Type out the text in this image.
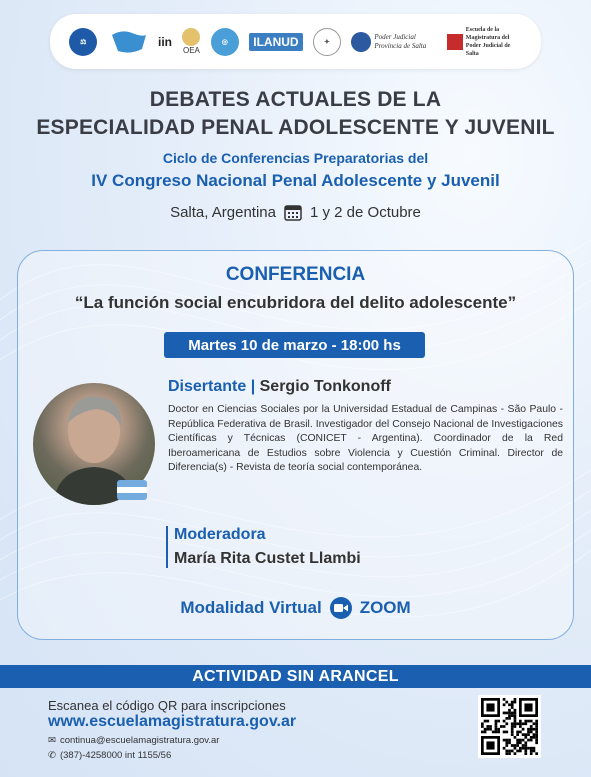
⚖	iin
OEA
◎	ILANUD	✦
Poder Judicial Provincia de Salta
Escuela de la Magistratura del Poder Judicial de Salta
DEBATES ACTUALES DE LA
ESPECIALIDAD PENAL ADOLESCENTE Y JUVENIL
Ciclo de Conferencias Preparatorias del
IV Congreso Nacional Penal Adolescente y Juvenil
Salta, Argentina 1 y 2 de Octubre
CONFERENCIA
“La función social encubridora del delito adolescente”
Martes 10 de marzo - 18:00 hs
Disertante | Sergio Tonkonoff
Doctor en Ciencias Sociales por la Universidad Estadual de Campinas - São Paulo - República Federativa de Brasil. Investigador del Consejo Nacional de Investigaciones Científicas y Técnicas (CONICET - Argentina). Coordinador de la Red Iberoamericana de Estudios sobre Violencia y Cuestión Criminal. Director de Diferencia(s) - Revista de teoría social contemporánea.
Moderadora
María Rita Custet Llambi
Modalidad Virtual ZOOM
ACTIVIDAD SIN ARANCEL
Escanea el código QR para inscripciones
www.escuelamagistratura.gov.ar
✉ continua@escuelamagistratura.gov.ar
✆ (387)-4258000 int 1155/56
